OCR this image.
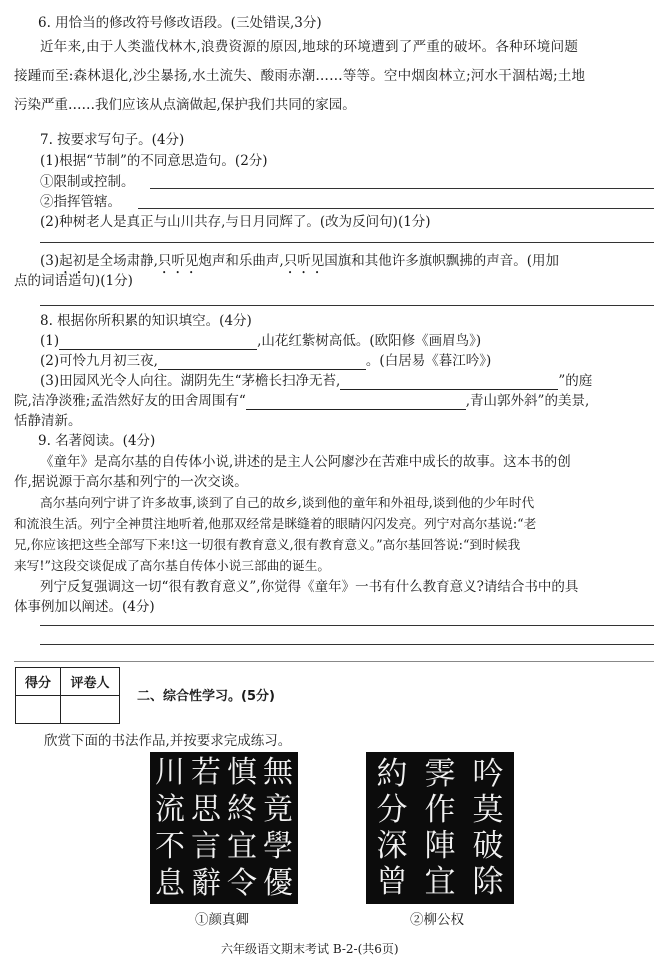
6. 用恰当的修改符号修改语段。(三处错误,3分)
近年来,由于人类滥伐林木,浪费资源的原因,地球的环境遭到了严重的破坏。各种环境问题
接踵而至:森林退化,沙尘暴扬,水土流失、酸雨赤潮……等等。空中烟囱林立;河水干涸枯竭;土地
污染严重……我们应该从点滴做起,保护我们共同的家园。
7. 按要求写句子。(4分)
(1)根据“节制”的不同意思造句。(2分)
①限制或控制。
②指挥管辖。
(2)种树老人是真正与山川共存,与日月同辉了。(改为反问句)(1分)
(3)起初是全场肃静,只听见炮声和乐曲声,只听见国旗和其他许多旗帜飘拂的声音。(用加
点的词语造句)(1分)
8. 根据你所积累的知识填空。(4分)
(1)	,山花红紫树高低。(欧阳修《画眉鸟》)
(2)可怜九月初三夜,	。(白居易《暮江吟》)
(3)田园风光令人向往。湖阴先生“茅檐长扫净无苔,	”的庭
院,洁净淡雅;孟浩然好友的田舍周围有“	,青山郭外斜”的美景,
恬静清新。
9. 名著阅读。(4分)
《童年》是高尔基的自传体小说,讲述的是主人公阿廖沙在苦难中成长的故事。这本书的创
作,据说源于高尔基和列宁的一次交谈。
高尔基向列宁讲了许多故事,谈到了自己的故乡,谈到他的童年和外祖母,谈到他的少年时代
和流浪生活。列宁全神贯注地听着,他那双经常是眯缝着的眼睛闪闪发亮。列宁对高尔基说:“老
兄,你应该把这些全部写下来!这一切很有教育意义,很有教育意义。”高尔基回答说:“到时候我
来写!”这段交谈促成了高尔基自传体小说三部曲的诞生。
列宁反复强调这一切“很有教育意义”,你觉得《童年》一书有什么教育意义?请结合书中的具
体事例加以阐述。(4分)
得分	评卷人

二、综合性学习。(5分)
欣赏下面的书法作品,并按要求完成练习。
川 若 慎 無
流 思 終 竟
不 言 宜 學
息 辭 令 優
①颜真卿
約 霁 吟
分 作 莫
深 陣 破
曾 宜 除
②柳公权
六年级语文期末考试 B-2-(共6页)
